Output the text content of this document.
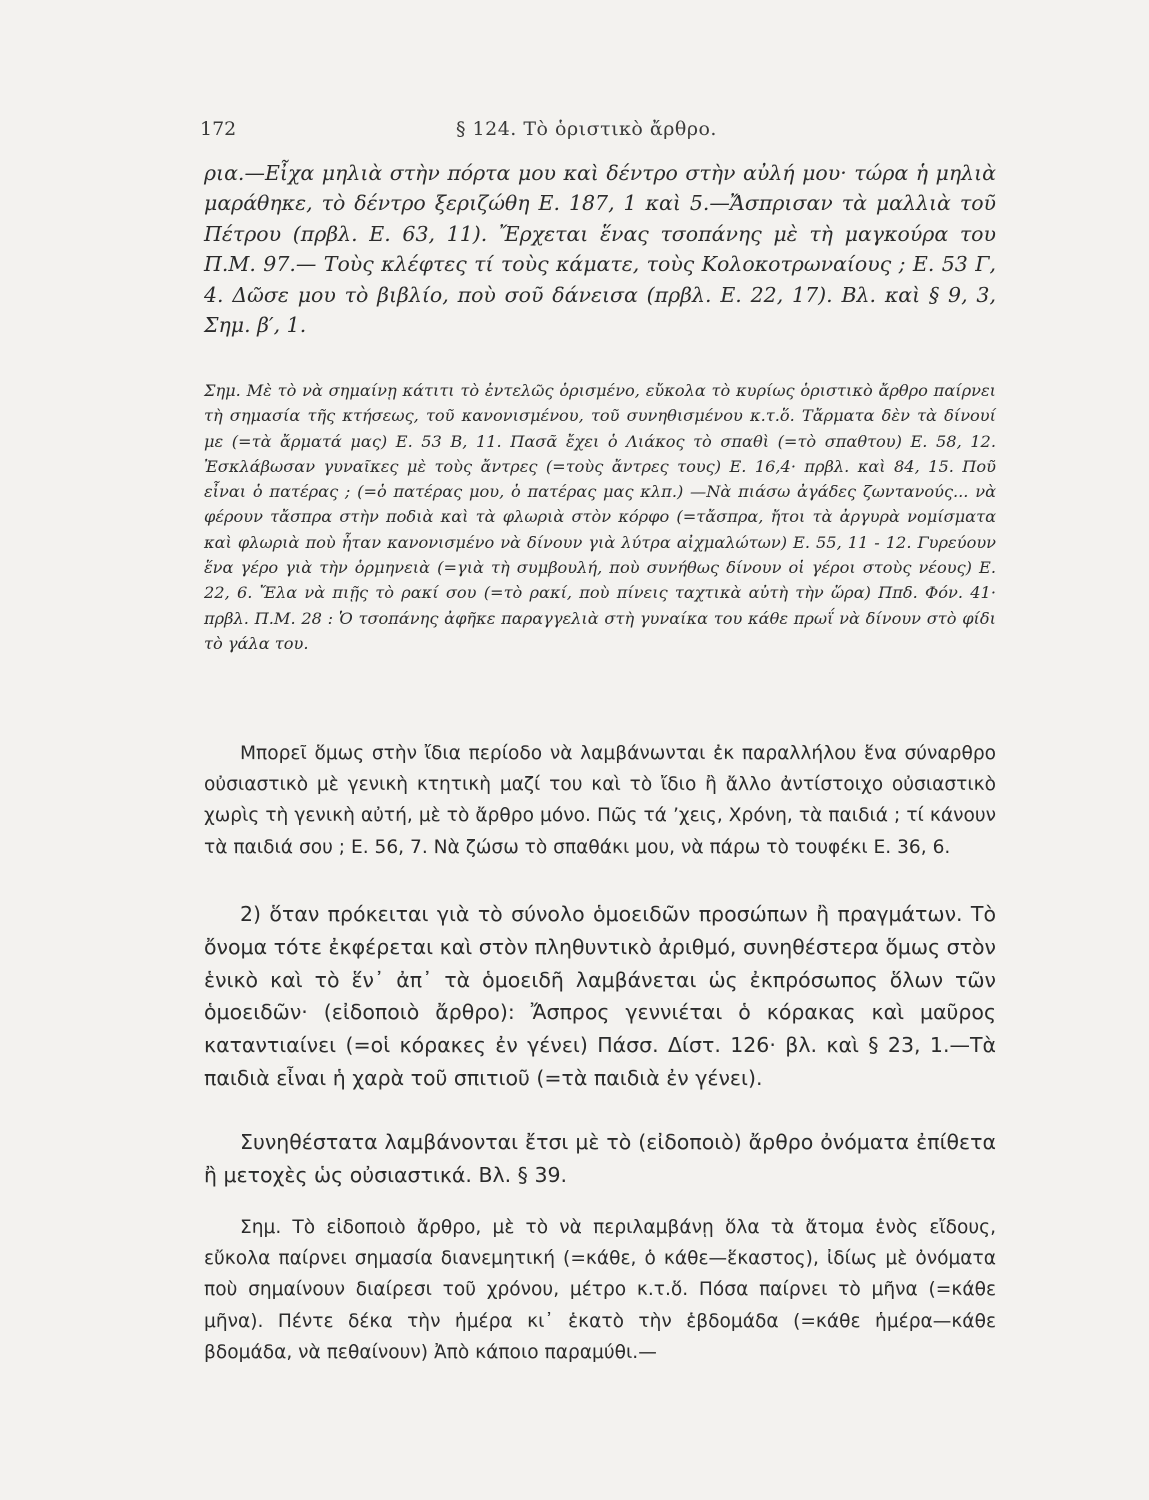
172	§ 124. Τὸ ὁριστικὸ ἄρθρο.

ρια.—Εἶχα μηλιὰ στὴν πόρτα μου καὶ δέντρο στὴν αὐλή μου· τώρα ἡ μηλιὰ μαράθηκε, τὸ δέντρο ξεριζώθη Ε. 187, 1 καὶ 5.—Ἄσπρισαν τὰ μαλλιὰ τοῦ Πέτρου (πρβλ. Ε. 63, 11). Ἔρχεται ἕνας τσοπάνης μὲ τὴ μαγκούρα του Π.Μ. 97.— Τοὺς κλέφτες τί τοὺς κάματε, τοὺς Κολοκοτρωναίους ; Ε. 53 Γ, 4. Δῶσε μου τὸ βιβλίο, ποὺ σοῦ δάνεισα (πρβλ. Ε. 22, 17). Βλ. καὶ § 9, 3, Σημ. β′, 1.

Σημ. Μὲ τὸ νὰ σημαίνῃ κάτιτι τὸ ἐντελῶς ὁρισμένο, εὔκολα τὸ κυρίως ὁριστικὸ ἄρθρο παίρνει τὴ σημασία τῆς κτήσεως, τοῦ κανονισμένου, τοῦ συνηθισμένου κ.τ.ὅ. Τἄρματα δὲν τὰ δίνουί με (=τὰ ἄρματά μας) Ε. 53 Β, 11. Πασᾶ ἔχει ὁ Λιάκος τὸ σπαθὶ (=τὸ σπαθτου) Ε. 58, 12. Ἐσκλάβωσαν γυναῖκες μὲ τοὺς ἄντρες (=τοὺς ἄντρες τους) Ε. 16,4· πρβλ. καὶ 84, 15. Ποῦ εἶναι ὁ πατέρας ; (=ὁ πατέρας μου, ὁ πατέρας μας κλπ.) —Νὰ πιάσω ἀγάδες ζωντανούς... νὰ φέρουν τἄσπρα στὴν ποδιὰ καὶ τὰ φλωριὰ στὸν κόρφο (=τἄσπρα, ἤτοι τὰ ἀργυρὰ νομίσματα καὶ φλωριὰ ποὺ ἦταν κανονισμένο νὰ δίνουν γιὰ λύτρα αἰχμαλώτων) Ε. 55, 11 - 12. Γυρεύουν ἕνα γέρο γιὰ τὴν ὁρμηνειὰ (=γιὰ τὴ συμβουλή, ποὺ συνήθως δίνουν οἱ γέροι στοὺς νέους) Ε. 22, 6. Ἔλα νὰ πιῇς τὸ ρακί σου (=τὸ ρακί, ποὺ πίνεις ταχτικὰ αὐτὴ τὴν ὥρα) Ππδ. Φόν. 41· πρβλ. Π.Μ. 28 : Ὁ τσοπάνης ἀφῆκε παραγγελιὰ στὴ γυναίκα του κάθε πρωΐ νὰ δίνουν στὸ φίδι τὸ γάλα του.

Μπορεῖ ὅμως στὴν ἴδια περίοδο νὰ λαμβάνωνται ἐκ παραλλήλου ἕνα σύναρθρο οὐσιαστικὸ μὲ γενικὴ κτητικὴ μαζί του καὶ τὸ ἴδιο ἢ ἄλλο ἀντίστοιχο οὐσιαστικὸ χωρὶς τὴ γενικὴ αὐτή, μὲ τὸ ἄρθρο μόνο. Πῶς τά ’χεις, Χρόνη, τὰ παιδιά ; τί κάνουν τὰ παιδιά σου ; Ε. 56, 7. Νὰ ζώσω τὸ σπαθάκι μου, νὰ πάρω τὸ τουφέκι Ε. 36, 6.

2) ὅταν πρόκειται γιὰ τὸ σύνολο ὁμοειδῶν προσώπων ἢ πραγμάτων. Τὸ ὄνομα τότε ἐκφέρεται καὶ στὸν πληθυντικὸ ἀριθμό, συνηθέστερα ὅμως στὸν ἑνικὸ καὶ τὸ ἕν᾽ ἀπ᾽ τὰ ὁμοειδῆ λαμβάνεται ὡς ἐκπρόσωπος ὅλων τῶν ὁμοειδῶν· (εἰδοποιὸ ἄρθρο): Ἄσπρος γεννιέται ὁ κόρακας καὶ μαῦρος καταντιαίνει (=οἱ κόρακες ἐν γένει) Πάσσ. Δίστ. 126· βλ. καὶ § 23, 1.—Τὰ παιδιὰ εἶναι ἡ χαρὰ τοῦ σπιτιοῦ (=τὰ παιδιὰ ἐν γένει).

Συνηθέστατα λαμβάνονται ἔτσι μὲ τὸ (εἰδοποιὸ) ἄρθρο ὀνόματα ἐπίθετα ἢ μετοχὲς ὡς οὐσιαστικά. Βλ. § 39.

Σημ. Τὸ εἰδοποιὸ ἄρθρο, μὲ τὸ νὰ περιλαμβάνῃ ὅλα τὰ ἄτομα ἑνὸς εἴδους, εὔκολα παίρνει σημασία διανεμητική (=κάθε, ὁ κάθε—ἕκαστος), ἰδίως μὲ ὀνόματα ποὺ σημαίνουν διαίρεσι τοῦ χρόνου, μέτρο κ.τ.ὅ. Πόσα παίρνει τὸ μῆνα (=κάθε μῆνα). Πέντε δέκα τὴν ἡμέρα κι᾽ ἑκατὸ τὴν ἑβδομάδα (=κάθε ἡμέρα—κάθε βδομάδα, νὰ πεθαίνουν) Ἀπὸ κάποιο παραμύθι.—
